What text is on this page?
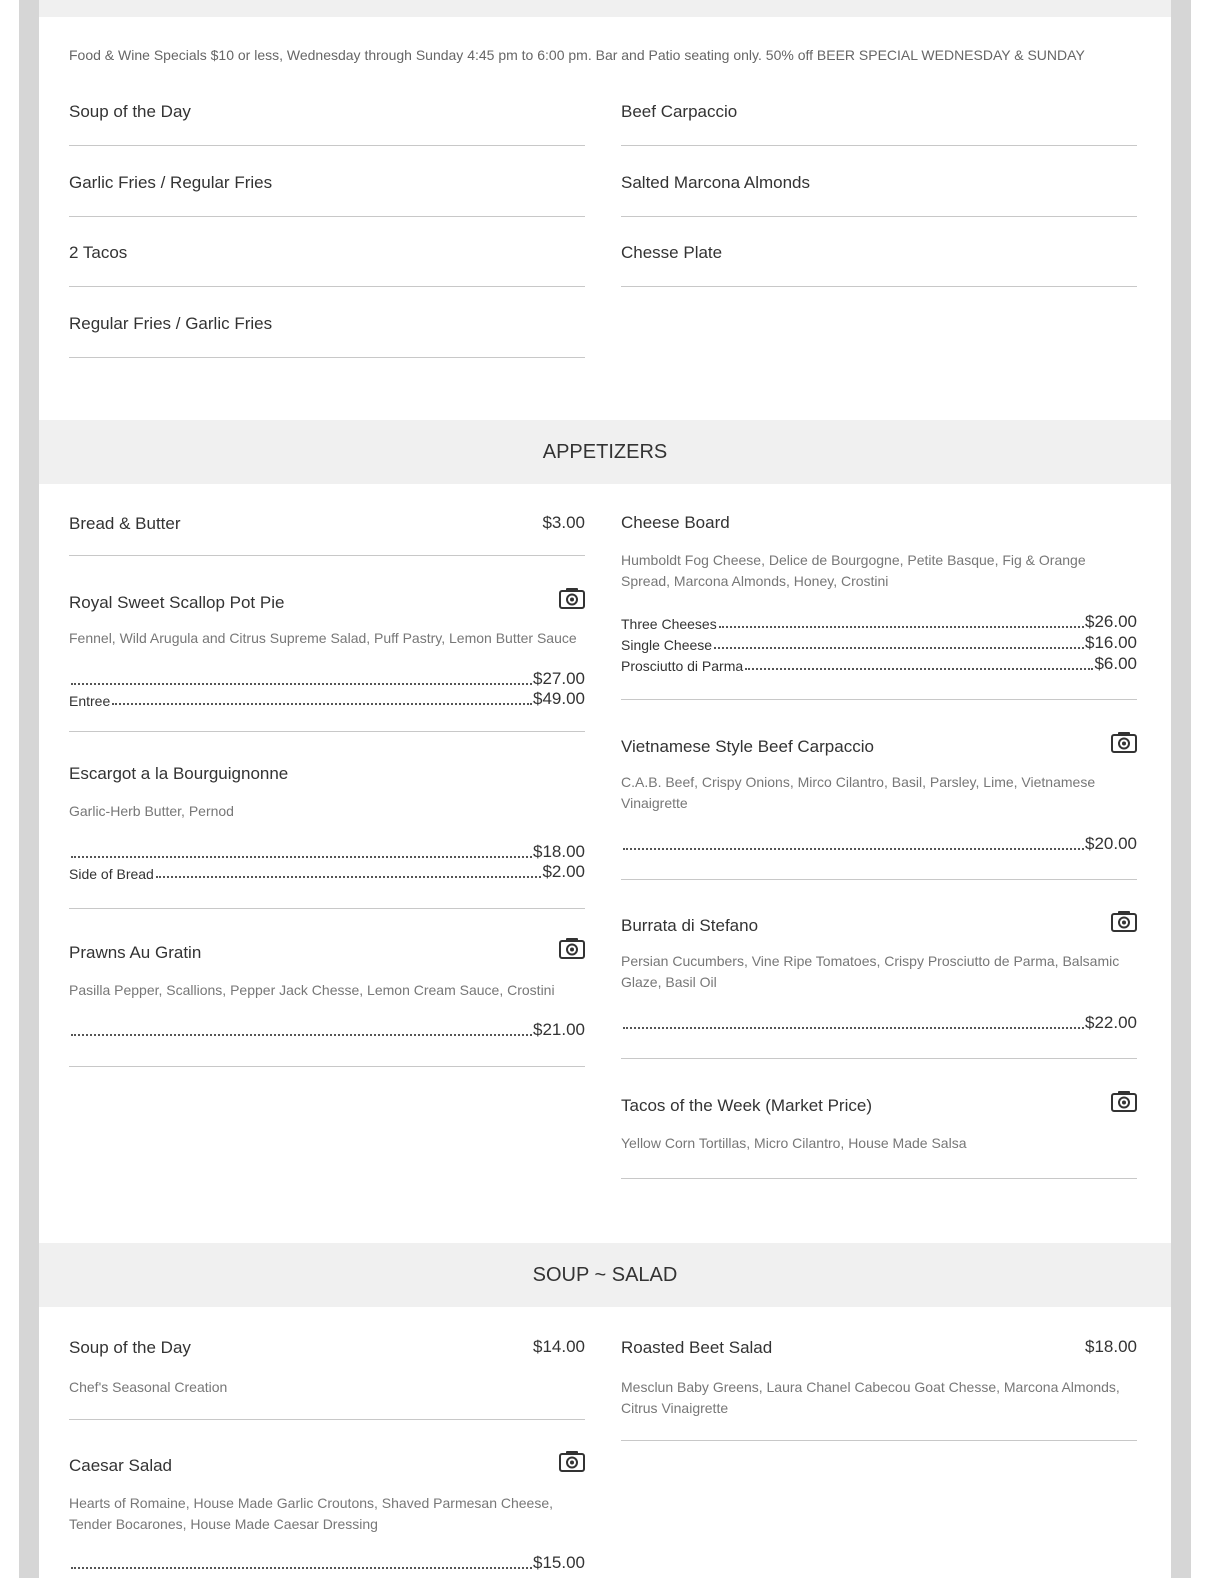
Food & Wine Specials $10 or less, Wednesday through Sunday 4:45 pm to 6:00 pm. Bar and Patio seating only. 50% off BEER SPECIAL WEDNESDAY & SUNDAY
Soup of the Day
Garlic Fries / Regular Fries
2 Tacos
Regular Fries / Garlic Fries
Beef Carpaccio
Salted Marcona Almonds
Chesse Plate
APPETIZERS
Bread & Butter	$3.00
Royal Sweet Scallop Pot Pie
Fennel, Wild Arugula and Citrus Supreme Salad, Puff Pastry, Lemon Butter Sauce
$27.00
Entree	$49.00
Escargot a la Bourguignonne
Garlic-Herb Butter, Pernod
$18.00
Side of Bread	$2.00
Prawns Au Gratin
Pasilla Pepper, Scallions, Pepper Jack Chesse, Lemon Cream Sauce, Crostini
$21.00
Cheese Board
Humboldt Fog Cheese, Delice de Bourgogne, Petite Basque, Fig & Orange Spread, Marcona Almonds, Honey, Crostini
Three Cheeses	$26.00
Single Cheese	$16.00
Prosciutto di Parma	$6.00
Vietnamese Style Beef Carpaccio
C.A.B. Beef, Crispy Onions, Mirco Cilantro, Basil, Parsley, Lime, Vietnamese Vinaigrette
$20.00
Burrata di Stefano
Persian Cucumbers, Vine Ripe Tomatoes, Crispy Prosciutto de Parma, Balsamic Glaze, Basil Oil
$22.00
Tacos of the Week (Market Price)
Yellow Corn Tortillas, Micro Cilantro, House Made Salsa
SOUP ~ SALAD
Soup of the Day	$14.00
Chef's Seasonal Creation
Caesar Salad
Hearts of Romaine, House Made Garlic Croutons, Shaved Parmesan Cheese, Tender Bocarones, House Made Caesar Dressing
$15.00
Roasted Beet Salad	$18.00
Mesclun Baby Greens, Laura Chanel Cabecou Goat Chesse, Marcona Almonds, Citrus Vinaigrette
